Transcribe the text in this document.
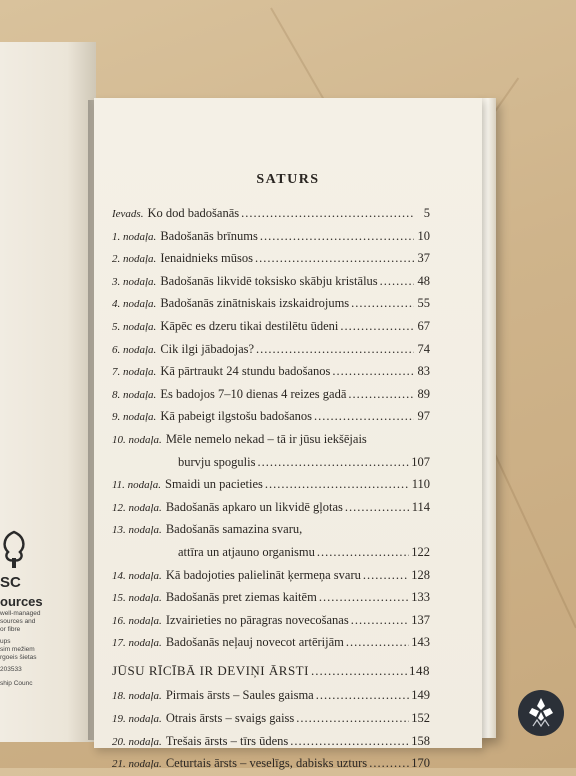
SC
ources
well-managed
sources and
or fibre
ups
sim mežiem
rgoeis šietas
203533
ship Counc
SATURS
Ievads. Ko dod badošanās .....	5
1. nodaļa. Badošanās brīnums .....	10
2. nodaļa. Ienaidnieks mūsos .....	37
3. nodaļa. Badošanās likvidē toksisko skābju kristālus .....	48
4. nodaļa. Badošanās zinātniskais izskaidrojums .....	55
5. nodaļa. Kāpēc es dzeru tikai destilētu ūdeni .....	67
6. nodaļa. Cik ilgi jābadojas? .....	74
7. nodaļa. Kā pārtraukt 24 stundu badošanos .....	83
8. nodaļa. Es badojos 7–10 dienas 4 reizes gadā .....	89
9. nodaļa. Kā pabeigt ilgstošu badošanos .....	97
10. nodaļa. Mēle nemelo nekad – tā ir jūsu iekšējais
burvju spogulis .....	107
11. nodaļa. Smaidi un pacieties .....	110
12. nodaļa. Badošanās apkaro un likvidē gļotas .....	114
13. nodaļa. Badošanās samazina svaru,
attīra un atjauno organismu .....	122
14. nodaļa. Kā badojoties palielināt ķermeņa svaru .....	128
15. nodaļa. Badošanās pret ziemas kaitēm .....	133
16. nodaļa. Izvairieties no pāragras novecošanas .....	137
17. nodaļa. Badošanās neļauj novecot artērijām .....	143
JŪSU RĪCĪBĀ IR DEVIŅI ĀRSTI .....	148
18. nodaļa. Pirmais ārsts – Saules gaisma .....	149
19. nodaļa. Otrais ārsts – svaigs gaiss .....	152
20. nodaļa. Trešais ārsts – tīrs ūdens .....	158
21. nodaļa. Ceturtais ārsts – veselīgs, dabisks uzturs .....	170
